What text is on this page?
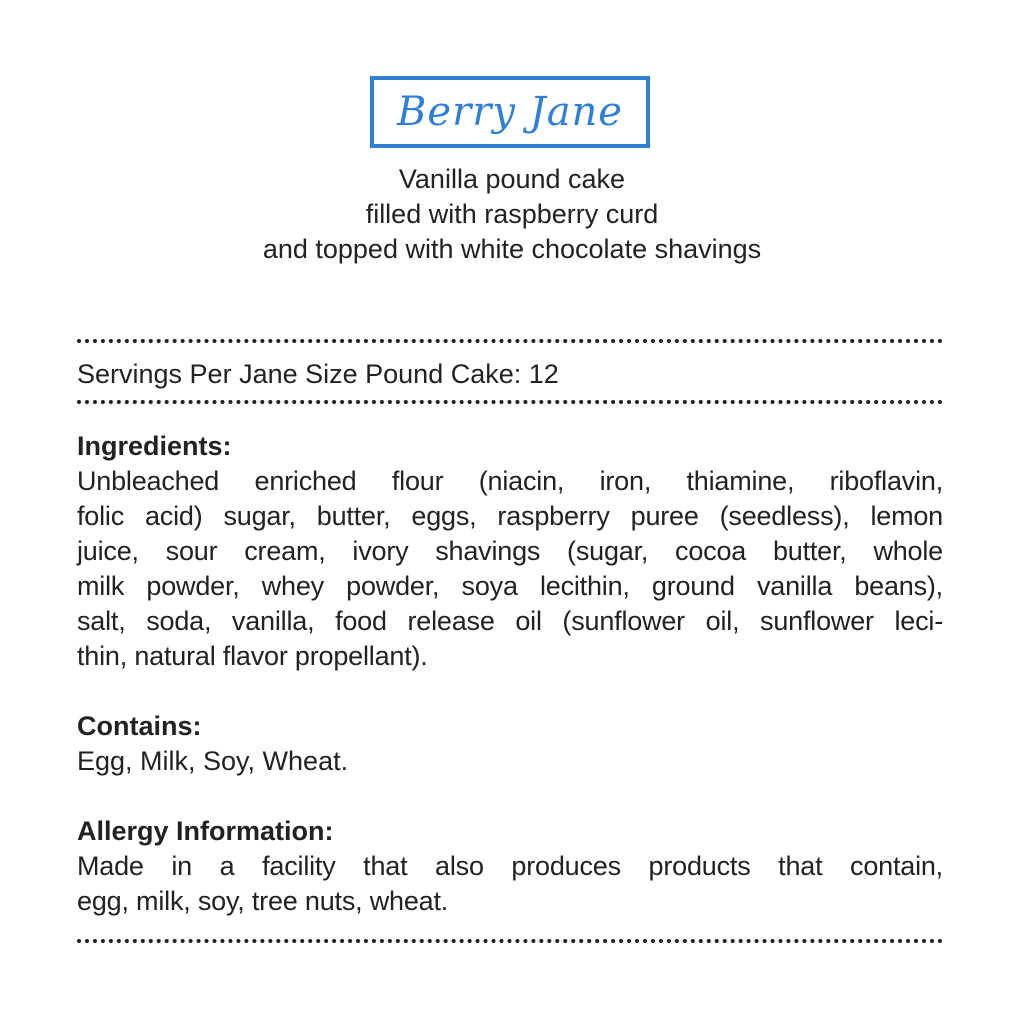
Berry Jane
Vanilla pound cake
filled with raspberry curd
and topped with white chocolate shavings
Servings Per Jane Size Pound Cake: 12
Ingredients:
Unbleached enriched flour (niacin, iron, thiamine, riboflavin,
folic acid) sugar, butter, eggs, raspberry puree (seedless), lemon
juice, sour cream, ivory shavings (sugar, cocoa butter, whole
milk powder, whey powder, soya lecithin, ground vanilla beans),
salt, soda, vanilla, food release oil (sunflower oil, sunflower leci-
thin, natural flavor propellant).
Contains:
Egg, Milk, Soy, Wheat.
Allergy Information:
Made in a facility that also produces products that contain,
egg, milk, soy, tree nuts, wheat.
